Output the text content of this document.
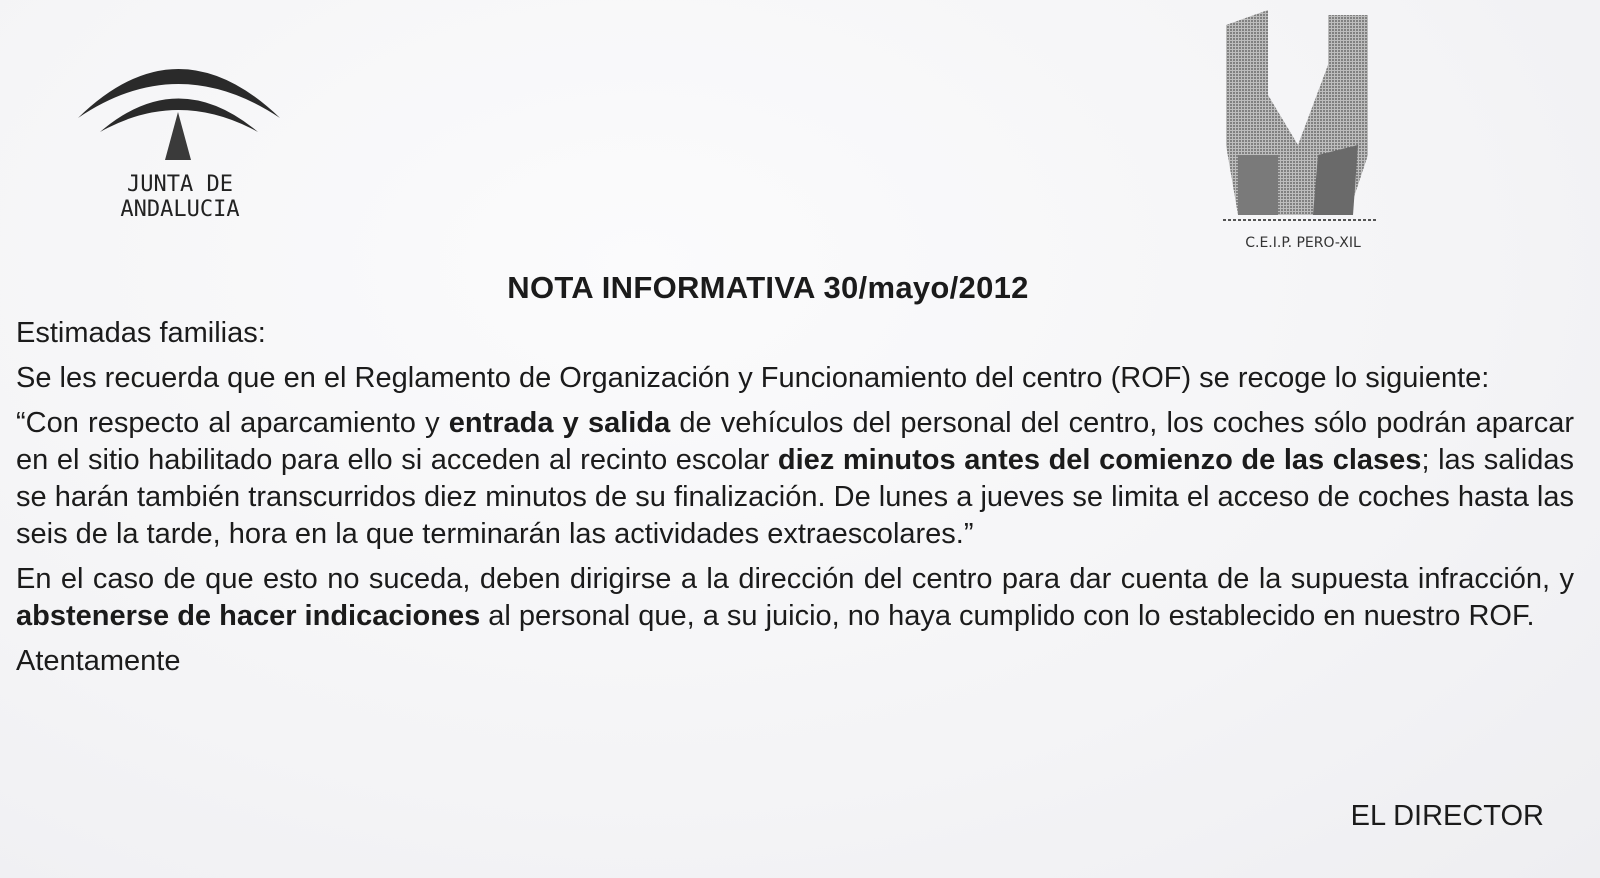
JUNTA DE ANDALUCIA
C.E.I.P. PERO-XIL
NOTA INFORMATIVA 30/mayo/2012

Estimadas familias:

Se les recuerda que en el Reglamento de Organización y Funcionamiento del centro (ROF) se recoge lo siguiente:

“Con respecto al aparcamiento y entrada y salida de vehículos del personal del centro, los coches sólo podrán aparcar en el sitio habilitado para ello si acceden al recinto escolar diez minutos antes del comienzo de las clases; las salidas se harán también transcurridos diez minutos de su finalización. De lunes a jueves se limita el acceso de coches hasta las seis de la tarde, hora en la que terminarán las actividades extraescolares.”

En el caso de que esto no suceda, deben dirigirse a la dirección del centro para dar cuenta de la supuesta infracción, y abstenerse de hacer indicaciones al personal que, a su juicio, no haya cumplido con lo establecido en nuestro ROF.

Atentamente

EL DIRECTOR
